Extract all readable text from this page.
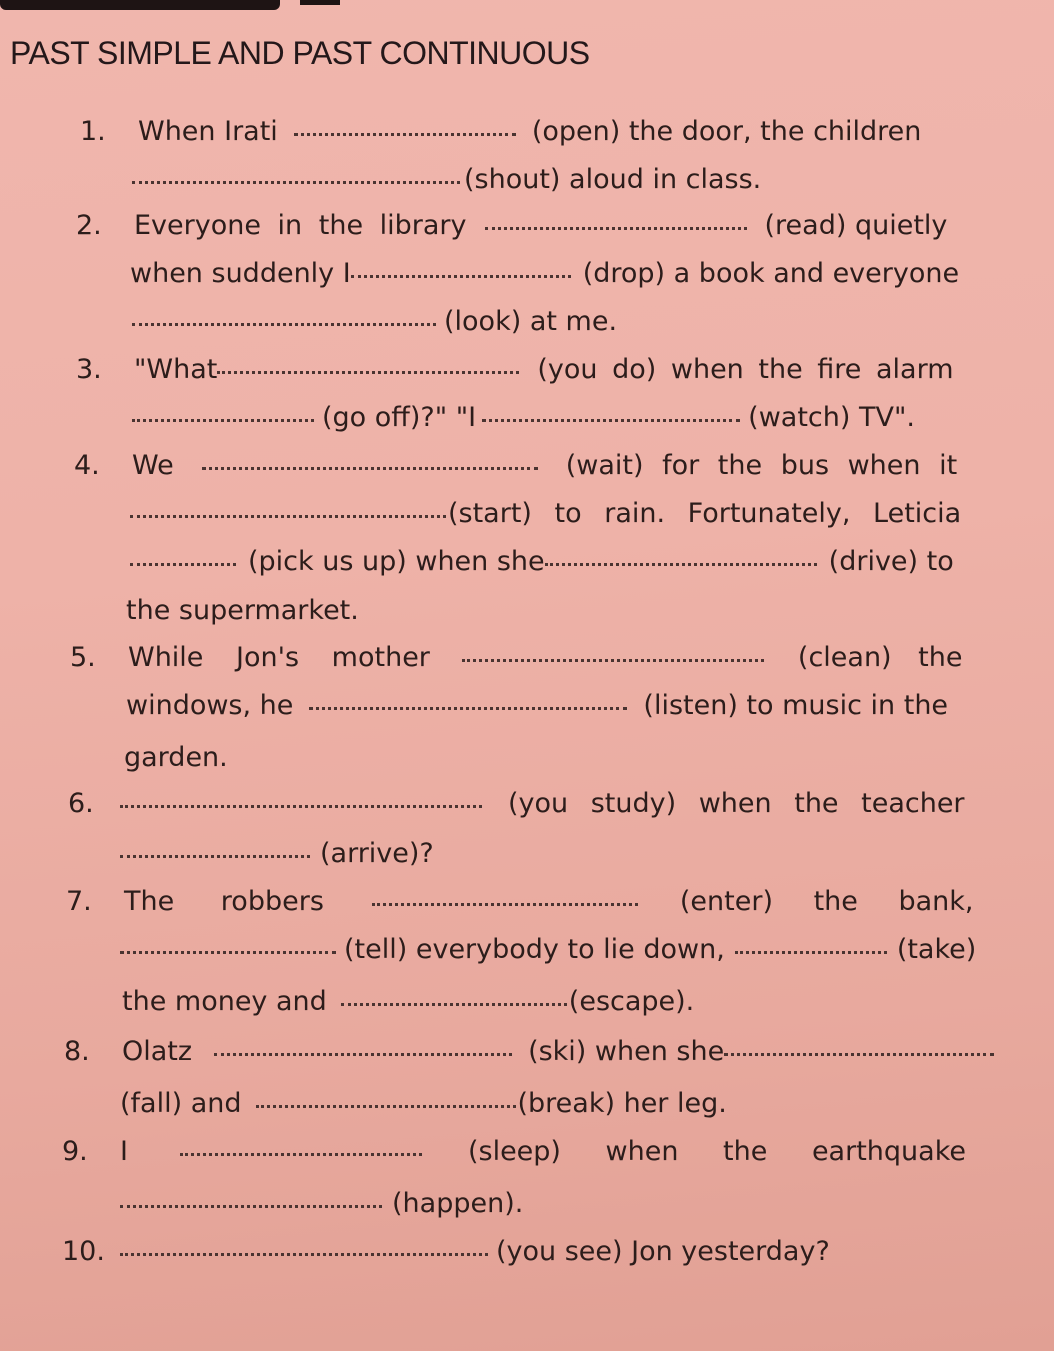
PAST SIMPLE AND PAST CONTINUOUS
1.	When Irati	(open) the door, the children
(shout) aloud in class.
2.	Everyone in the library	(read) quietly
when suddenly I	(drop) a book and everyone
(look) at me.
3.	"What	(you do) when the fire alarm
(go off)?" "I	(watch) TV".
4.	We	(wait) for the bus when it
(start) to rain. Fortunately, Leticia
(pick us up) when she	(drive) to
the supermarket.
5.	While Jon's mother	(clean) the
windows, he	(listen) to music in the
garden.
6.	(you study) when the teacher
(arrive)?
7.	The robbers	(enter) the bank,
(tell) everybody to lie down,	(take)
the money and	(escape).
8.	Olatz	(ski) when she
(fall) and	(break) her leg.
9.	I	(sleep) when the earthquake
(happen).
10.	(you see) Jon yesterday?
